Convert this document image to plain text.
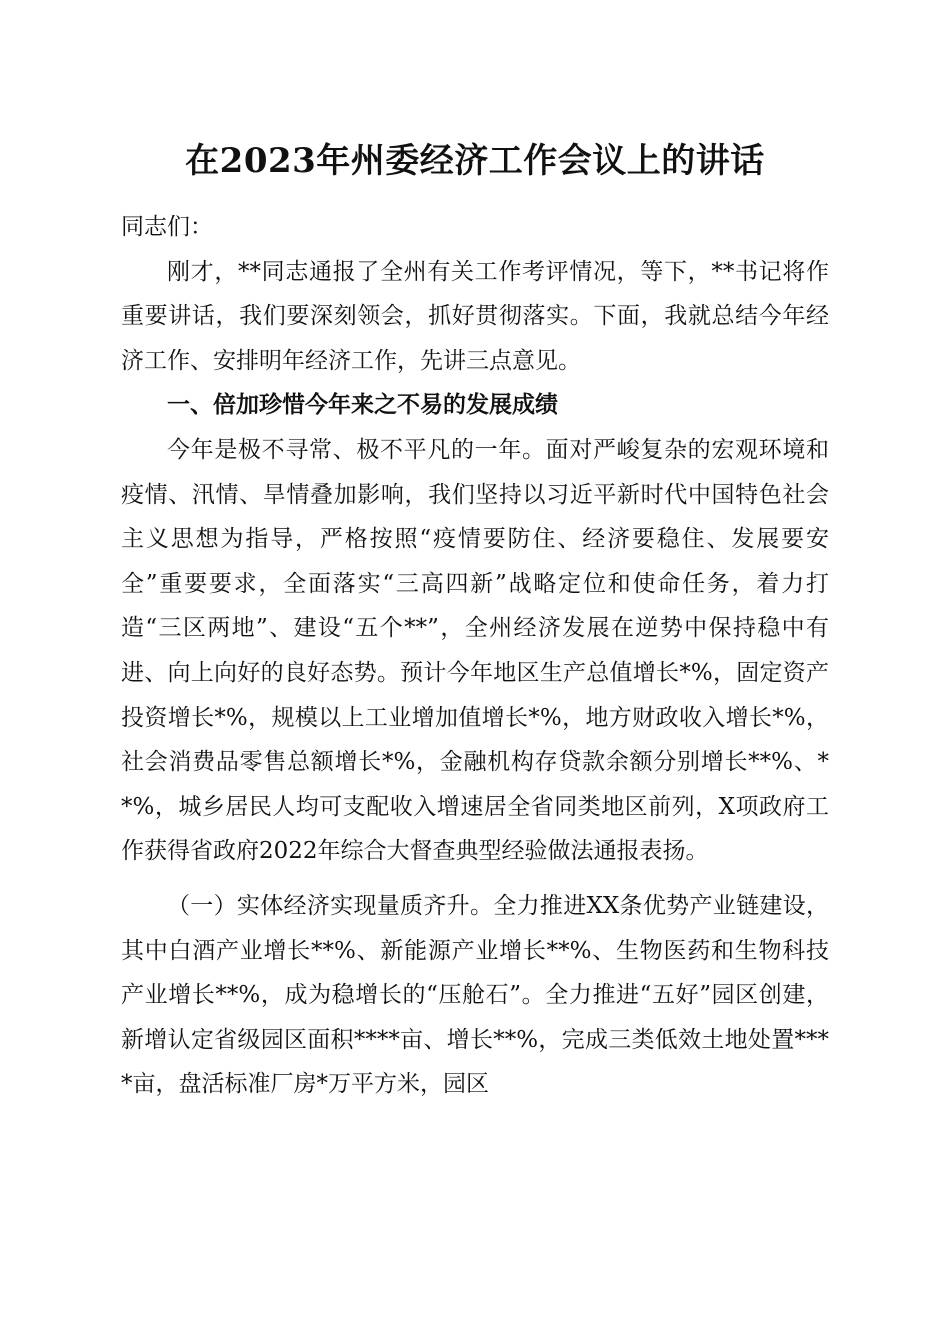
在2023年州委经济工作会议上的讲话

同志们：

刚才，**同志通报了全州有关工作考评情况，等下，**书记将作重要讲话，我们要深刻领会，抓好贯彻落实。下面，我就总结今年经济工作、安排明年经济工作，先讲三点意见。

一、倍加珍惜今年来之不易的发展成绩

今年是极不寻常、极不平凡的一年。面对严峻复杂的宏观环境和疫情、汛情、旱情叠加影响，我们坚持以习近平新时代中国特色社会主义思想为指导，严格按照“疫情要防住、经济要稳住、发展要安全”重要要求，全面落实“三高四新”战略定位和使命任务，着力打造“三区两地”、建设“五个**”，全州经济发展在逆势中保持稳中有进、向上向好的良好态势。预计今年地区生产总值增长*%，固定资产投资增长*%，规模以上工业增加值增长*%，地方财政收入增长*%，社会消费品零售总额增长*%，金融机构存贷款余额分别增长**%、**%，城乡居民人均可支配收入增速居全省同类地区前列，X项政府工作获得省政府2022年综合大督查典型经验做法通报表扬。

（一）实体经济实现量质齐升。全力推进XX条优势产业链建设，其中白酒产业增长**%、新能源产业增长**%、生物医药和生物科技产业增长**%，成为稳增长的“压舱石”。全力推进“五好”园区创建，新增认定省级园区面积****亩、增长**%，完成三类低效土地处置****亩，盘活标准厂房*万平方米，园区
